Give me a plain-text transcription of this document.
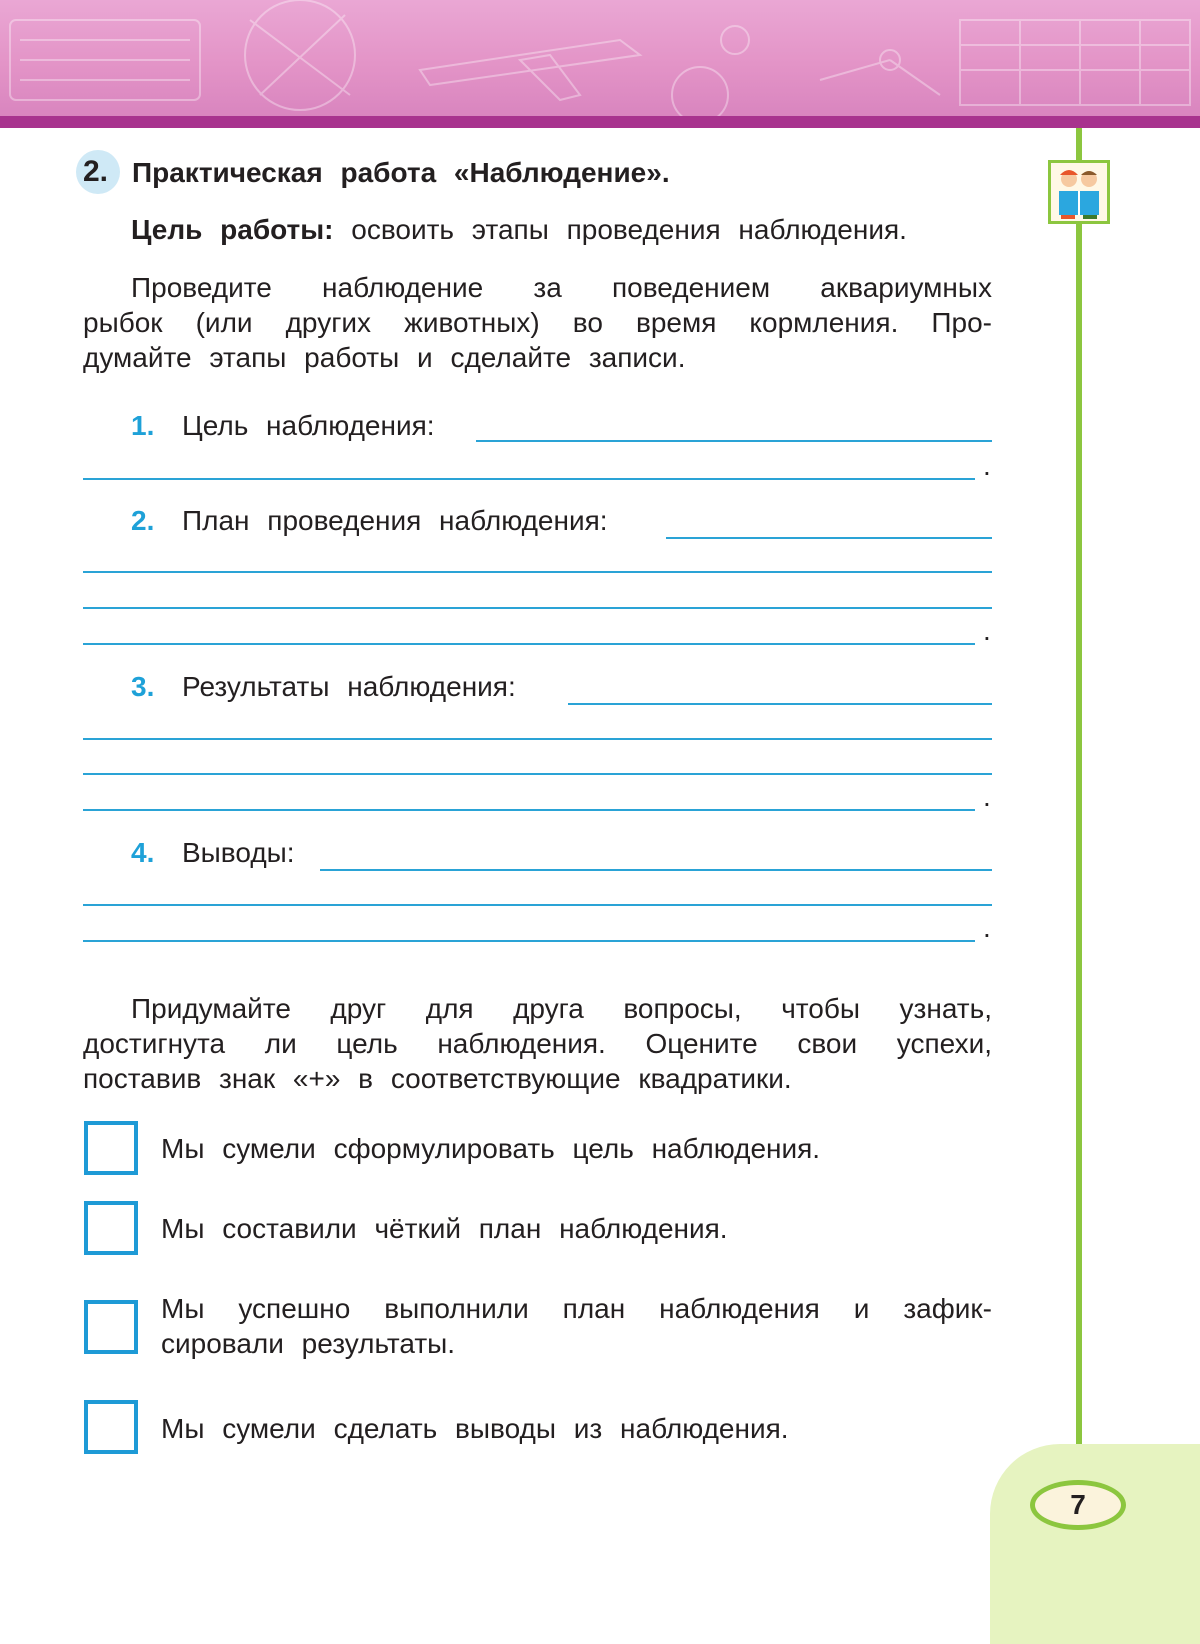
7
2. Практическая работа «Наблюдение».
Цель работы: освоить этапы проведения наблюдения.
Проведите наблюдение за поведением аквариумных
рыбок (или других животных) во время кормления. Про-
думайте этапы работы и сделайте записи.
1. Цель наблюдения:
.
2. План проведения наблюдения:
.
3. Результаты наблюдения:
.
4. Выводы:
.
Придумайте друг для друга вопросы, чтобы узнать,
достигнута ли цель наблюдения. Оцените свои успехи,
поставив знак «+» в соответствующие квадратики.
Мы сумели сформулировать цель наблюдения.
Мы составили чёткий план наблюдения.
Мы успешно выполнили план наблюдения и зафик-
сировали результаты.
Мы сумели сделать выводы из наблюдения.
